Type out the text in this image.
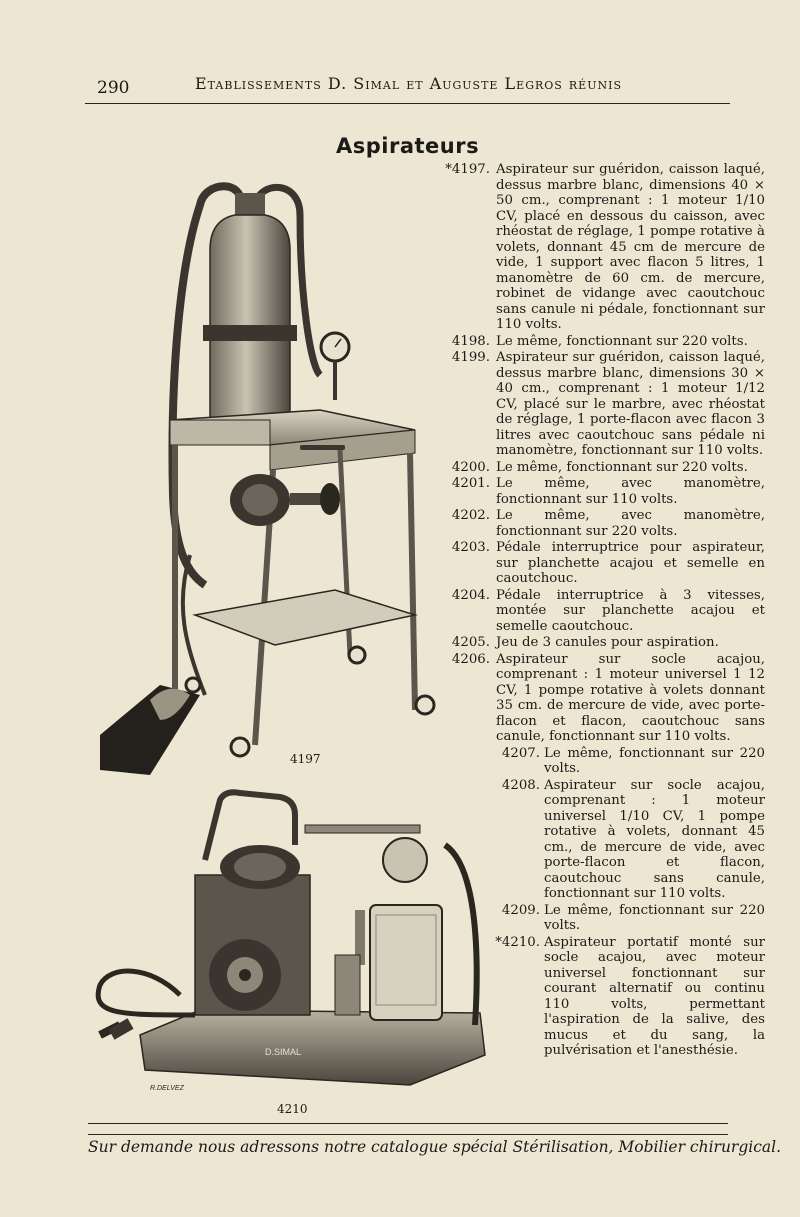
290	Etablissements D. Simal et Auguste Legros réunis
Aspirateurs
4197
D.SIMAL
R.DELVEZ
4210
*4197. Aspirateur sur guéridon, caisson laqué, dessus marbre blanc, dimensions 40 × 50 cm., comprenant : 1 moteur 1/10 CV, placé en dessous du caisson, avec rhéostat de réglage, 1 pompe rotative à volets, donnant 45 cm de mercure de vide, 1 support avec flacon 5 litres, 1 manomètre de 60 cm. de mercure, robinet de vidange avec caoutchouc sans canule ni pédale, fonctionnant sur 110 volts.
4198. Le même, fonctionnant sur 220 volts.
4199. Aspirateur sur guéridon, caisson laqué, dessus marbre blanc, dimensions 30 × 40 cm., comprenant : 1 moteur 1/12 CV, placé sur le marbre, avec rhéostat de réglage, 1 porte-flacon avec flacon 3 litres avec caoutchouc sans pédale ni manomètre, fonctionnant sur 110 volts.
4200. Le même, fonctionnant sur 220 volts.
4201. Le même, avec manomètre, fonctionnant sur 110 volts.
4202. Le même, avec manomètre, fonctionnant sur 220 volts.
4203. Pédale interruptrice pour aspirateur, sur planchette acajou et semelle en caoutchouc.
4204. Pédale interruptrice à 3 vitesses, montée sur planchette acajou et semelle caoutchouc.
4205. Jeu de 3 canules pour aspiration.
4206. Aspirateur sur socle acajou, comprenant : 1 moteur universel 1 12 CV, 1 pompe rotative à volets donnant 35 cm. de mercure de vide, avec porte-flacon et flacon, caoutchouc sans canule, fonctionnant sur 110 volts.
4207. Le même, fonctionnant sur 220 volts.
4208. Aspirateur sur socle acajou, comprenant : 1 moteur universel 1/10 CV, 1 pompe rotative à volets, donnant 45 cm., de mercure de vide, avec porte-flacon et flacon, caoutchouc sans canule, fonctionnant sur 110 volts.
4209. Le même, fonctionnant sur 220 volts.
*4210. Aspirateur portatif monté sur socle acajou, avec moteur universel fonctionnant sur courant alternatif ou continu 110 volts, permettant l'aspiration de la salive, des mucus et du sang, la pulvérisation et l'anesthésie.
Sur demande nous adressons notre catalogue spécial Stérilisation, Mobilier chirurgical.
